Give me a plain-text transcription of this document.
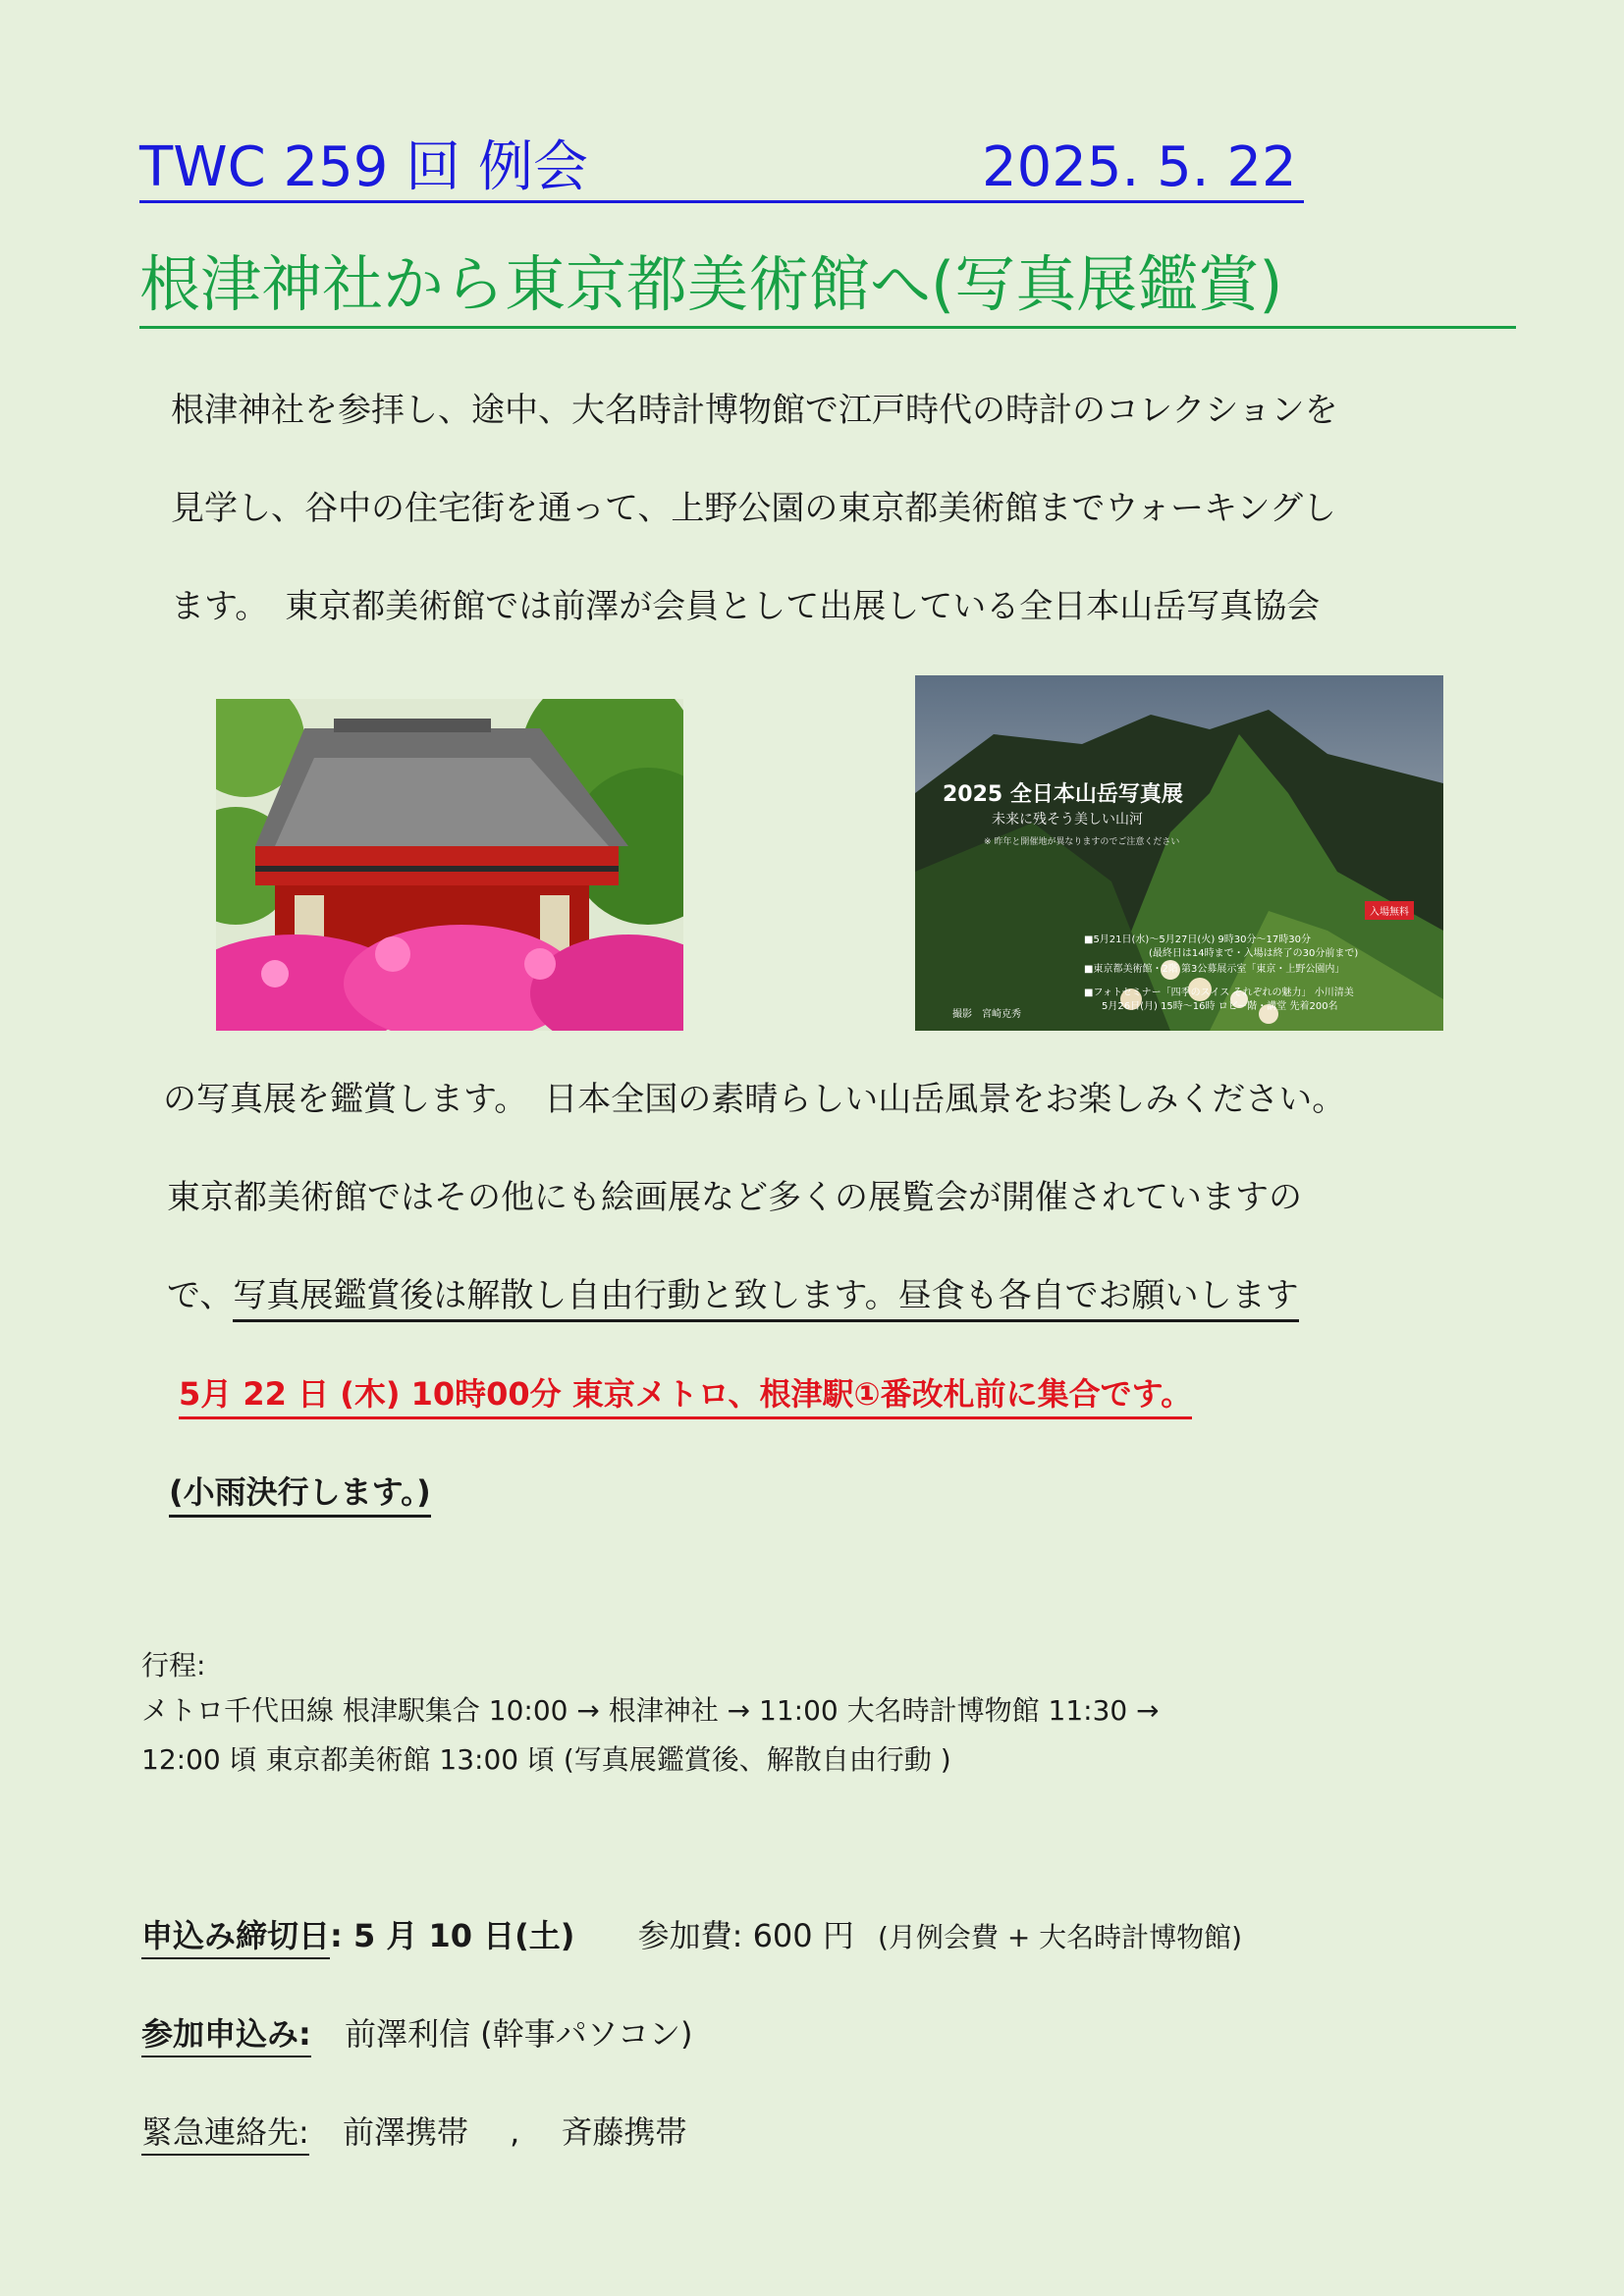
TWC 259 回 例会	2025. 5. 22
根津神社から東京都美術館へ(写真展鑑賞)
根津神社を参拝し、途中、大名時計博物館で江戸時代の時計のコレクションを
見学し、谷中の住宅街を通って、上野公園の東京都美術館までウォーキングし
ます。　東京都美術館では前澤が会員として出展している全日本山岳写真協会
2025 全日本山岳写真展
未来に残そう美しい山河
※ 昨年と開催地が異なりますのでご注意ください
入場無料
■5月21日(水)～5月27日(火) 9時30分～17時30分
(最終日は14時まで・入場は終了の30分前まで)
■東京都美術館・2階 第3公募展示室「東京・上野公園内」
■フォトセミナー「四季のスイス それぞれの魅力」 小川清美
5月26日(月) 15時～16時 ロビー階・講堂 先着200名
撮影　宮崎克秀
の写真展を鑑賞します。　日本全国の素晴らしい山岳風景をお楽しみください。
東京都美術館ではその他にも絵画展など多くの展覧会が開催されていますの
で、写真展鑑賞後は解散し自由行動と致します。昼食も各自でお願いします
5月 22 日 (木) 10時00分 東京メトロ、根津駅①番改札前に集合です。
(小雨決行します。)
行程:
メトロ千代田線 根津駅集合 10:00 → 根津神社 → 11:00 大名時計博物館 11:30 →
12:00 頃 東京都美術館 13:00 頃 (写真展鑑賞後、解散自由行動 )
申込み締切日: 5 月 10 日(土) 参加費: 600 円 (月例会費 + 大名時計博物館)
参加申込み: 前澤利信 (幹事パソコン)
緊急連絡先: 前澤携帯　 ,　 斉藤携帯
